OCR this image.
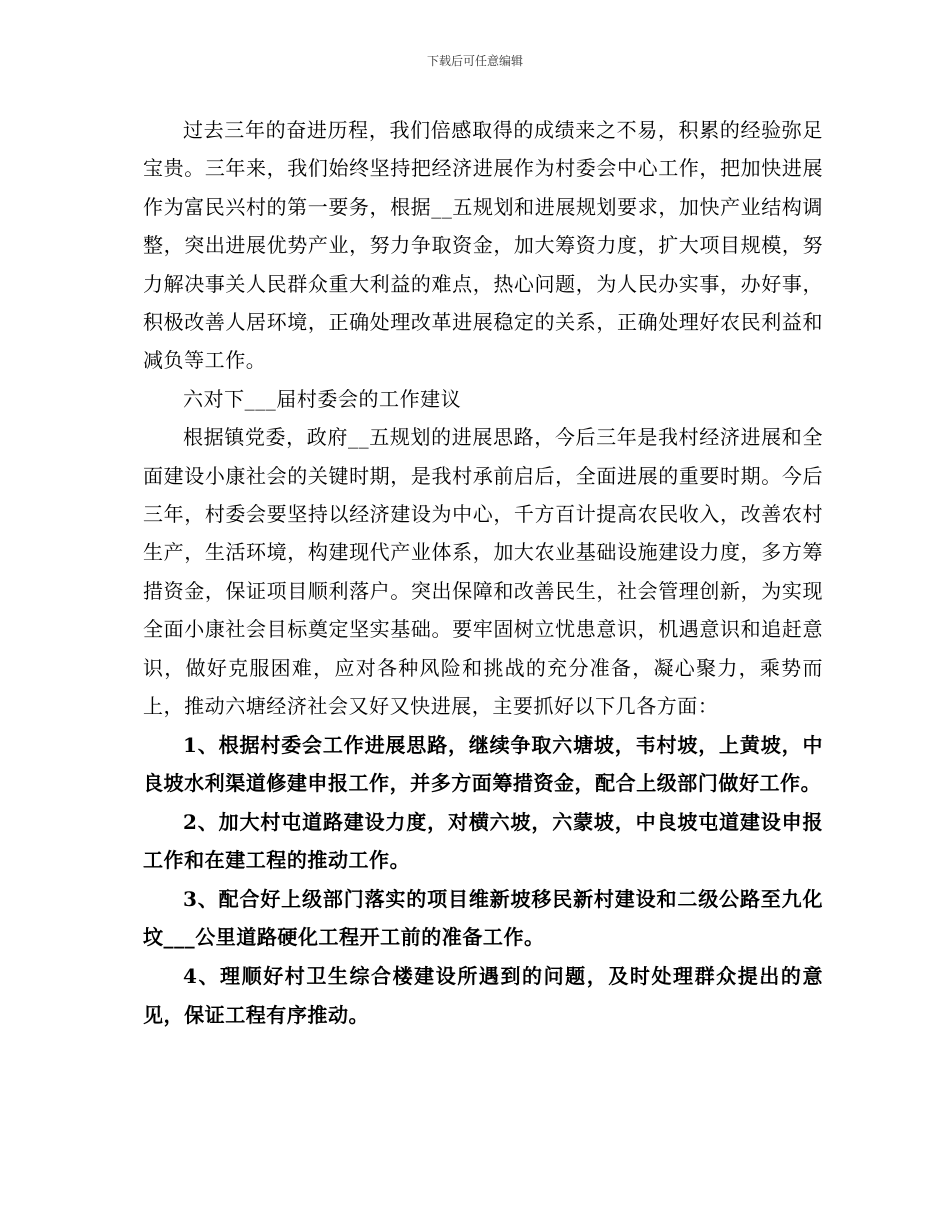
下载后可任意编辑

过去三年的奋进历程，我们倍感取得的成绩来之不易，积累的经验弥足宝贵。三年来，我们始终坚持把经济进展作为村委会中心工作，把加快进展作为富民兴村的第一要务，根据__五规划和进展规划要求，加快产业结构调整，突出进展优势产业，努力争取资金，加大筹资力度，扩大项目规模，努力解决事关人民群众重大利益的难点，热心问题，为人民办实事，办好事，积极改善人居环境，正确处理改革进展稳定的关系，正确处理好农民利益和减负等工作。

六对下___届村委会的工作建议

根据镇党委，政府__五规划的进展思路，今后三年是我村经济进展和全面建设小康社会的关键时期，是我村承前启后，全面进展的重要时期。今后三年，村委会要坚持以经济建设为中心，千方百计提高农民收入，改善农村生产，生活环境，构建现代产业体系，加大农业基础设施建设力度，多方筹措资金，保证项目顺利落户。突出保障和改善民生，社会管理创新，为实现全面小康社会目标奠定坚实基础。要牢固树立忧患意识，机遇意识和追赶意识，做好克服困难，应对各种风险和挑战的充分准备，凝心聚力，乘势而上，推动六塘经济社会又好又快进展，主要抓好以下几各方面：

1、根据村委会工作进展思路，继续争取六塘坡，韦村坡，上黄坡，中良坡水利渠道修建申报工作，并多方面筹措资金，配合上级部门做好工作。

2、加大村屯道路建设力度，对横六坡，六蒙坡，中良坡屯道建设申报工作和在建工程的推动工作。

3、配合好上级部门落实的项目维新坡移民新村建设和二级公路至九化坟___公里道路硬化工程开工前的准备工作。

4、理顺好村卫生综合楼建设所遇到的问题，及时处理群众提出的意见，保证工程有序推动。
